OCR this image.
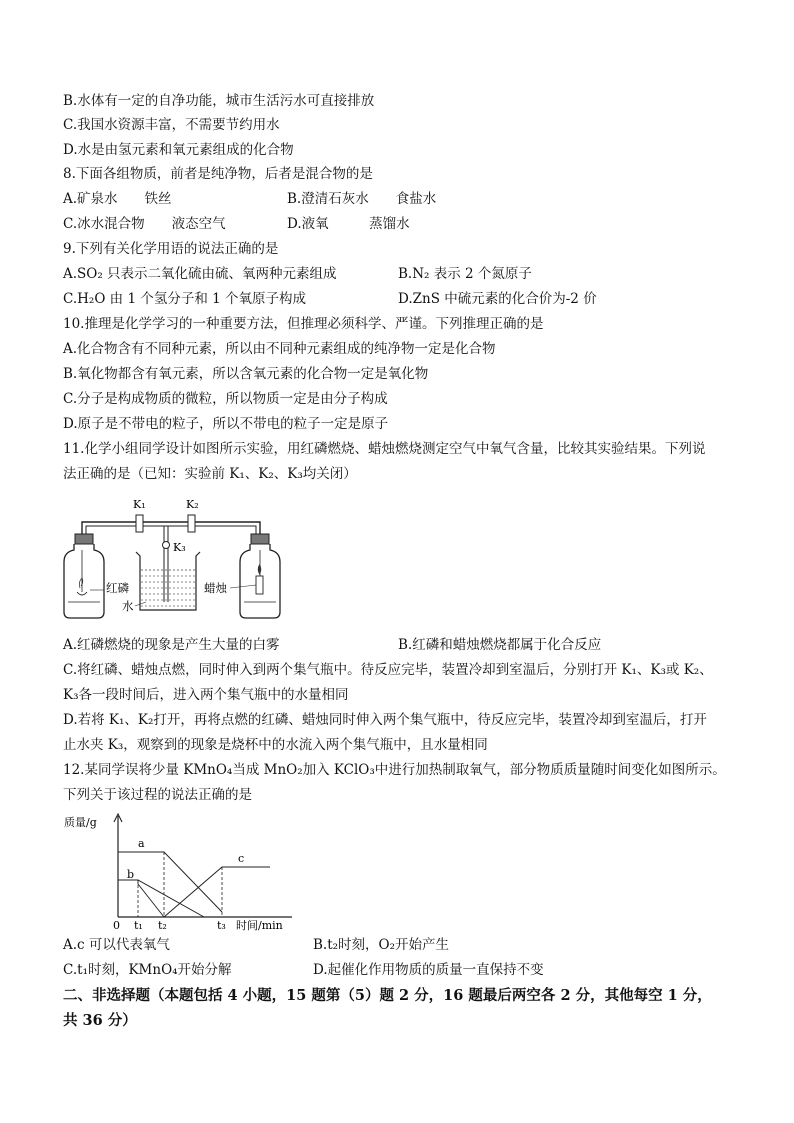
B.水体有一定的自净功能，城市生活污水可直接排放
C.我国水资源丰富，不需要节约用水
D.水是由氢元素和氧元素组成的化合物
8.下面各组物质，前者是纯净物，后者是混合物的是
A.矿泉水　　铁丝	B.澄清石灰水　　食盐水
C.冰水混合物　　液态空气	D.液氧　　　蒸馏水
9.下列有关化学用语的说法正确的是
A.SO₂ 只表示二氧化硫由硫、氧两种元素组成	B.N₂ 表示 2 个氮原子
C.H₂O 由 1 个氢分子和 1 个氧原子构成	D.ZnS 中硫元素的化合价为-2 价
10.推理是化学学习的一种重要方法，但推理必须科学、严谨。下列推理正确的是
A.化合物含有不同种元素，所以由不同种元素组成的纯净物一定是化合物
B.氧化物都含有氧元素，所以含氧元素的化合物一定是氧化物
C.分子是构成物质的微粒，所以物质一定是由分子构成
D.原子是不带电的粒子，所以不带电的粒子一定是原子
11.化学小组同学设计如图所示实验，用红磷燃烧、蜡烛燃烧测定空气中氧气含量，比较其实验结果。下列说
法正确的是（已知：实验前 K₁、K₂、K₃均关闭）
K₁	K₂
K₃
红磷
水
蜡烛
A.红磷燃烧的现象是产生大量的白雾	B.红磷和蜡烛燃烧都属于化合反应
C.将红磷、蜡烛点燃，同时伸入到两个集气瓶中。待反应完毕，装置冷却到室温后，分别打开 K₁、K₃或 K₂、
K₃各一段时间后，进入两个集气瓶中的水量相同
D.若将 K₁、K₂打开，再将点燃的红磷、蜡烛同时伸入两个集气瓶中，待反应完毕，装置冷却到室温后，打开
止水夹 K₃，观察到的现象是烧杯中的水流入两个集气瓶中，且水量相同
12.某同学误将少量 KMnO₄当成 MnO₂加入 KClO₃中进行加热制取氧气，部分物质质量随时间变化如图所示。
下列关于该过程的说法正确的是
质量/g
a
b
c
0 t₁ t₂	t₃ 时间/min
A.c 可以代表氧气	B.t₂时刻，O₂开始产生
C.t₁时刻，KMnO₄开始分解	D.起催化作用物质的质量一直保持不变
二、非选择题（本题包括 4 小题，15 题第（5）题 2 分，16 题最后两空各 2 分，其他每空 1 分，
共 36 分）
